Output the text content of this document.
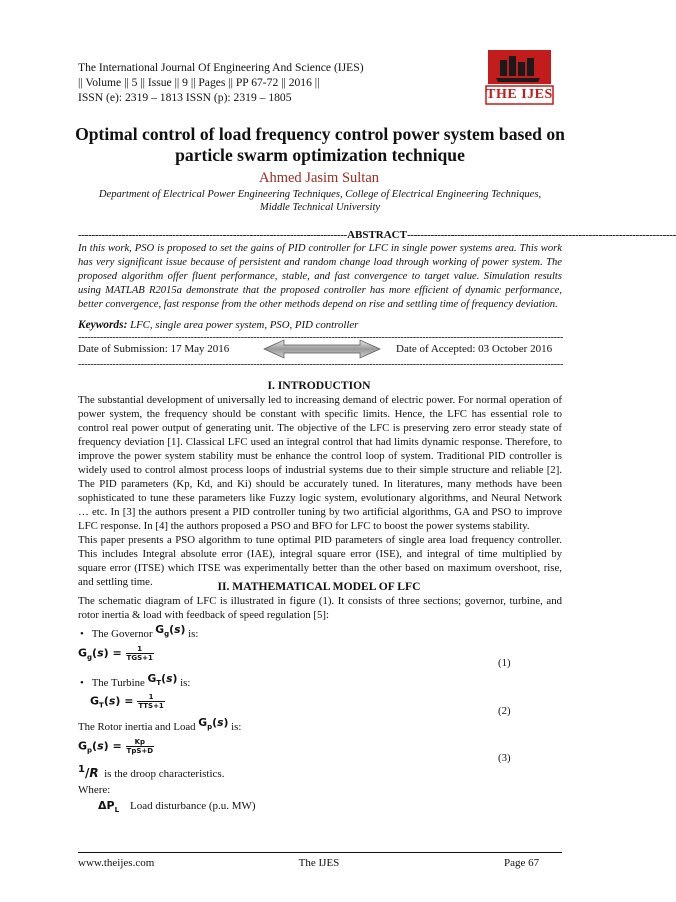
The International Journal Of Engineering And Science (IJES)
|| Volume || 5 || Issue || 9 || Pages || PP 67-72 || 2016 ||
ISSN (e): 2319 – 1813 ISSN (p): 2319 – 1805	THE IJES
Optimal control of load frequency control power system based on
particle swarm optimization technique
Ahmed Jasim Sultan
Department of Electrical Power Engineering Techniques, College of Electrical Engineering Techniques,
Middle Technical University
-------------------------------------------------------------------------------- ABSTRACT --------------------------------------------------------------------------------
In this work, PSO is proposed to set the gains of PID controller for LFC in single power systems area. This work has very significant issue because of persistent and random change load through working of power system. The proposed algorithm offer fluent performance, stable, and fast convergence to target value. Simulation results using MATLAB R2015a demonstrate that the proposed controller has more efficient of dynamic performance, better convergence, fast response from the other methods depend on rise and settling time of frequency deviation.
Keywords: LFC, single area power system, PSO, PID controller
-----------------------------------------------------------------------------------------------------------------------------------------------------------
Date of Submission: 17 May 2016	Date of Accepted: 03 October 2016
-----------------------------------------------------------------------------------------------------------------------------------------------------------
I. INTRODUCTION

The substantial development of universally led to increasing demand of electric power. For normal operation of power system, the frequency should be constant with specific limits. Hence, the LFC has essential role to control real power output of generating unit. The objective of the LFC is preserving zero error steady state of frequency deviation [1]. Classical LFC used an integral control that had limits dynamic response. Therefore, to improve the power system stability must be enhance the control loop of system. Traditional PID controller is widely used to control almost process loops of industrial systems due to their simple structure and reliable [2]. The PID parameters (Kp, Kd, and Ki) should be accurately tuned. In literatures, many methods have been sophisticated to tune these parameters like Fuzzy logic system, evolutionary algorithms, and Neural Network … etc. In [3] the authors present a PID controller tuning by two artificial algorithms, GA and PSO to improve LFC response. In [4] the authors proposed a PSO and BFO for LFC to boost the power systems stability.

This paper presents a PSO algorithm to tune optimal PID parameters of single area load frequency controller. This includes Integral absolute error (IAE), integral square error (ISE), and integral of time multiplied by square error (ITSE) which ITSE was experimentally better than the other based on maximum overshoot, rise, and settling time.	II. MATHEMATICAL MODEL OF LFC
The schematic diagram of LFC is illustrated in figure (1). It consists of three sections; governor, turbine, and rotor inertia & load with feedback of speed regulation [5]:
• The Governor $G_g(s)$ is:
$G_g(s) = \frac{1}{\text{TGS+1}}$
(1)
• The Turbine $G_T(s)$ is:
$G_T(s) = \frac{1}{\text{TTS+1}}$
(2)
The Rotor inertia and Load $G_p(s)$ is:
$G_p(s) = \frac{Kp}{\text{TpS+D}}$
(3)
$^1$/R is the droop characteristics.
Where:
$\Delta P_L$ Load disturbance (p.u. MW)
www.theijes.com	The IJES	Page 67
